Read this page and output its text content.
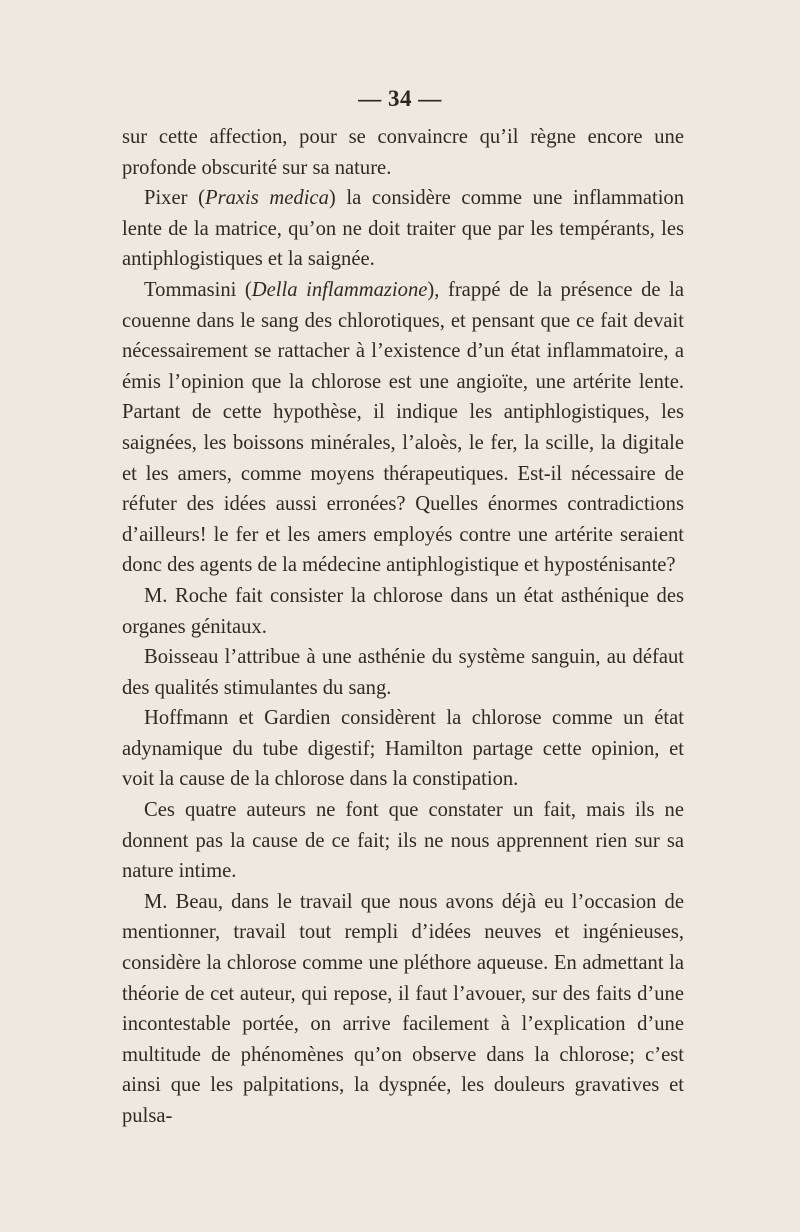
— 34 —

sur cette affection, pour se convaincre qu’il règne encore une profonde obscurité sur sa nature.

Pixer (Praxis medica) la considère comme une inflammation lente de la matrice, qu’on ne doit traiter que par les tempérants, les antiphlogistiques et la saignée.

Tommasini (Della inflammazione), frappé de la présence de la couenne dans le sang des chlorotiques, et pensant que ce fait devait nécessairement se rattacher à l’existence d’un état inflammatoire, a émis l’opinion que la chlorose est une angioïte, une artérite lente. Partant de cette hypothèse, il indique les antiphlogistiques, les saignées, les boissons minérales, l’aloès, le fer, la scille, la digitale et les amers, comme moyens thérapeutiques. Est-il nécessaire de réfuter des idées aussi erronées? Quelles énormes contradictions d’ailleurs! le fer et les amers employés contre une artérite seraient donc des agents de la médecine antiphlogistique et hyposténisante?

M. Roche fait consister la chlorose dans un état asthénique des organes génitaux.

Boisseau l’attribue à une asthénie du système sanguin, au défaut des qualités stimulantes du sang.

Hoffmann et Gardien considèrent la chlorose comme un état adynamique du tube digestif; Hamilton partage cette opinion, et voit la cause de la chlorose dans la constipation.

Ces quatre auteurs ne font que constater un fait, mais ils ne donnent pas la cause de ce fait; ils ne nous apprennent rien sur sa nature intime.

M. Beau, dans le travail que nous avons déjà eu l’occasion de mentionner, travail tout rempli d’idées neuves et ingénieuses, considère la chlorose comme une pléthore aqueuse. En admettant la théorie de cet auteur, qui repose, il faut l’avouer, sur des faits d’une incontestable portée, on arrive facilement à l’explication d’une multitude de phénomènes qu’on observe dans la chlorose; c’est ainsi que les palpitations, la dyspnée, les douleurs gravatives et pulsa-
